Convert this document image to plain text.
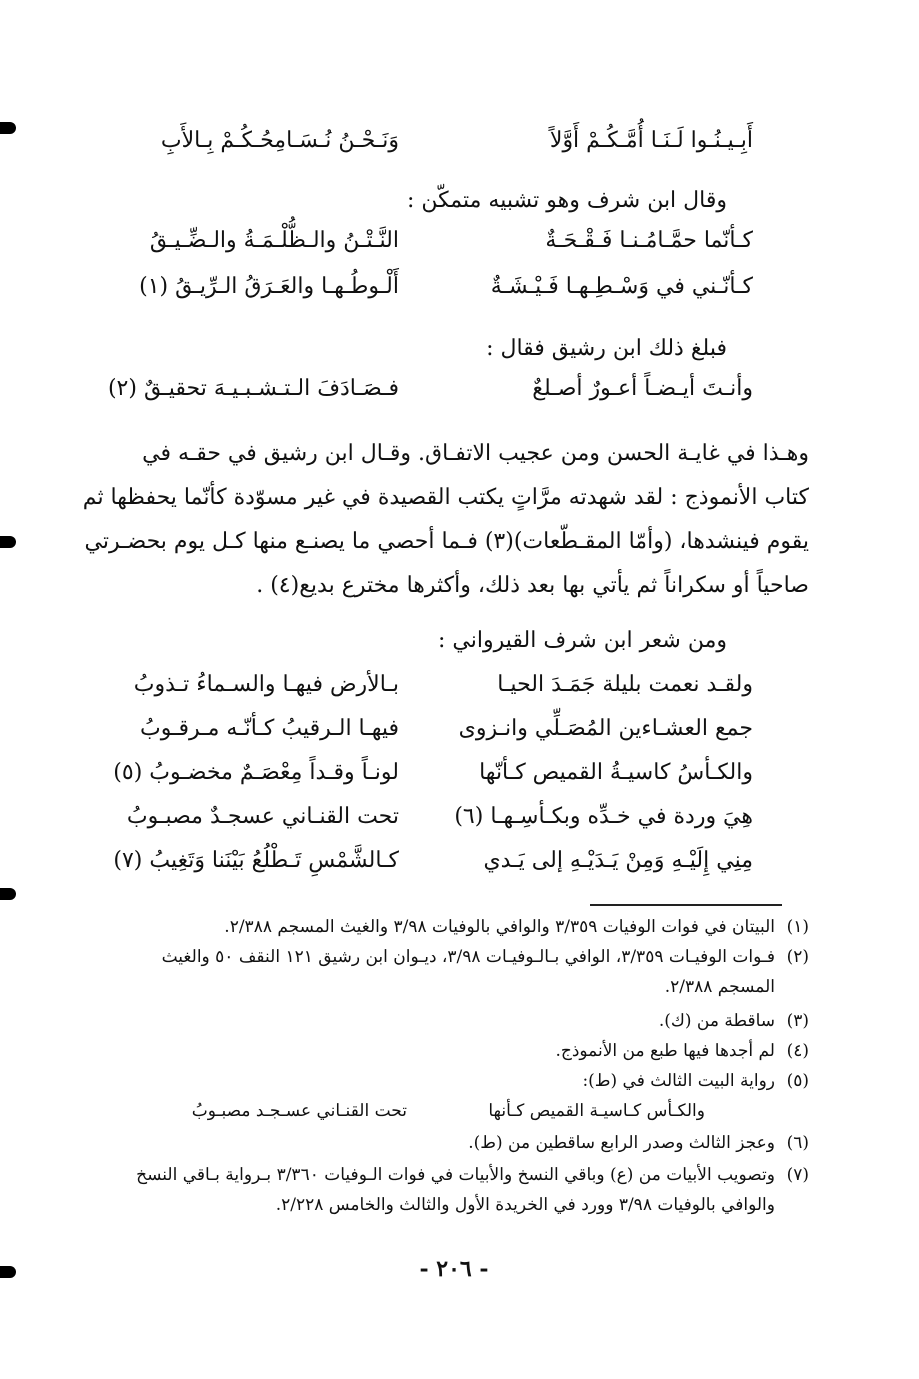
أَبِـيـنُـوا لَـنَـا أُمَّـكُـمْ أَوَّلاً
وَنَـحْـنُ نُـسَـامِحُـكُـمْ بِـالأَبِ
وقال ابن شرف وهو تشبيه متمكّن :
كـأنّما حمَّـامُـنـا فَـقْـحَـةٌ
النَّـتْـنُ والـظُّلْـمَـةُ والـضِّـيـقُ
كـأنّـني في وَسْـطِـهـا فَـيْـشَـةٌ
أَلْـوطُـهـا والعَـرَقُ الـرِّيـقُ (١)
فبلغ ذلك ابن رشيق فقال :
وأنـتَ أيـضـاً أعـورٌ أصـلعٌ
فـصَـادَفَ الـتـشـبـيـهَ تحقيـقٌ (٢)
وهـذا في غايـة الحسن ومن عجيب الاتفـاق. وقـال ابن رشيق في حقـه في
كتاب الأنموذج : لقد شهدته مرَّاتٍ يكتب القصيدة في غير مسوّدة كأنّما يحفظها ثم
يقوم فينشدها، (وأمّا المقـطّعات)(٣) فـما أحصي ما يصنـع منها كـل يوم بحضـرتي
صاحياً أو سكراناً ثم يأتي بها بعد ذلك، وأكثرها مخترع بديع(٤) .
ومن شعر ابن شرف القيرواني :
ولقـد نعمت بليلة جَمَـدَ الحيـا
بـالأرض فيهـا والسـماءُ تـذوبُ
جمع العشـاءين المُصَـلِّي وانـزوى
فيهـا الـرقيبُ كـأنّـه مـرقـوبُ
والكـأسُ كاسيـةُ القميص كـأنّها
لونـاً وقـداً مِعْصَـمٌ مخضـوبُ (٥)
هِيَ وردة في خـدِّه وبكـأسِـهـا (٦)
تحت القنـاني عسجـدٌ مصبـوبُ
مِنِي إِلَيْـهِ وَمِنْ يَـدَيْـهِ إلى يَـدي
كـالشَّمْسِ تَـطْلُعُ بَيْنَنا وَتَغِيبُ (٧)
(١)البيتان في فوات الوفيات ٣/٣٥٩ والوافي بالوفيات ٣/٩٨ والغيث المسجم ٢/٣٨٨.
(٢)فـوات الوفيـات ٣/٣٥٩، الوافي بـالـوفيـات ٣/٩٨، ديـوان ابن رشيق ١٢١ النقف ٥٠ والغيث
المسجم ٢/٣٨٨.
(٣)ساقطة من (ك).
(٤)لم أجدها فيها طبع من الأنموذج.
(٥)رواية البيت الثالث في (ط):
والكـأس كـاسيـة القميص كـأنها
تحت القنـاني عسـجـد مصبـوبُ
(٦)وعجز الثالث وصدر الرابع ساقطين من (ط).
(٧)وتصويب الأبيات من (ع) وباقي النسخ والأبيات في فوات الـوفيات ٣/٣٦٠ بـرواية بـاقي النسخ
والوافي بالوفيات ٣/٩٨ وورد في الخريدة الأول والثالث والخامس ٢/٢٢٨.
- ٢٠٦ -
